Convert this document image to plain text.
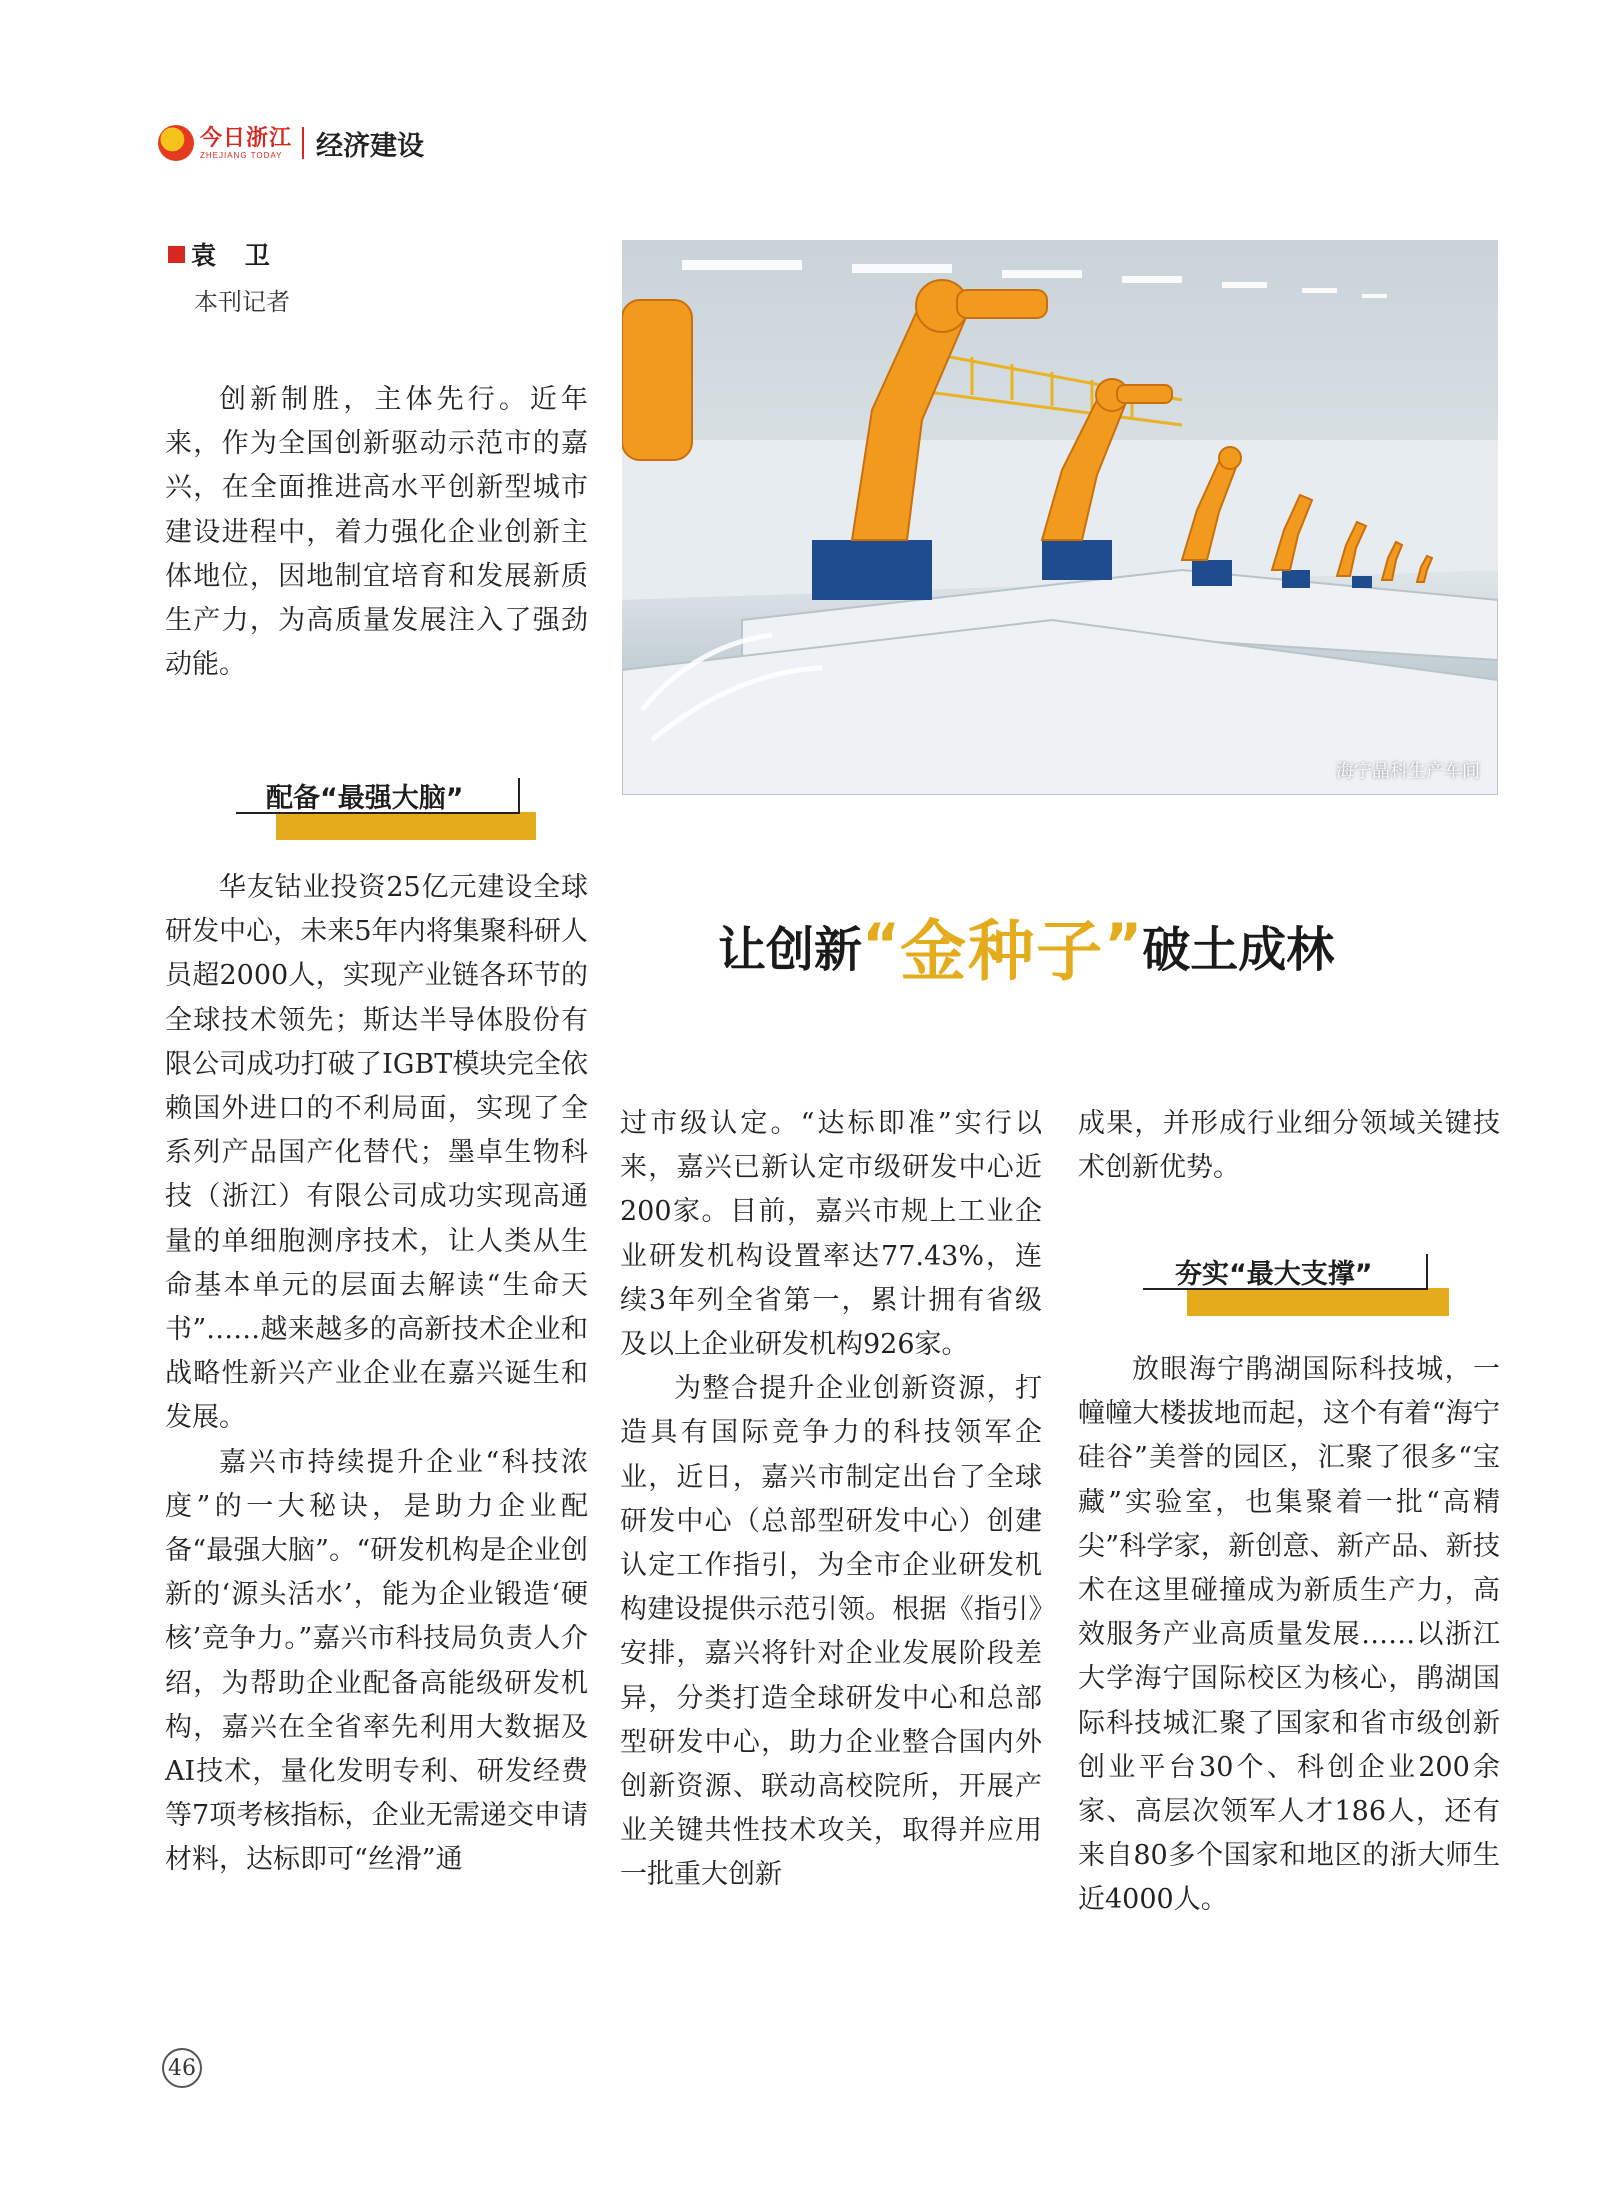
今日浙江
ZHEJIANG TODAY	经济建设
袁 卫
本刊记者

创新制胜，主体先行。近年来，作为全国创新驱动示范市的嘉兴，在全面推进高水平创新型城市建设进程中，着力强化企业创新主体地位，因地制宜培育和发展新质生产力，为高质量发展注入了强劲动能。

配备“最强大脑”

华友钴业投资25亿元建设全球研发中心，未来5年内将集聚科研人员超2000人，实现产业链各环节的全球技术领先；斯达半导体股份有限公司成功打破了IGBT模块完全依赖国外进口的不利局面，实现了全系列产品国产化替代；墨卓生物科技（浙江）有限公司成功实现高通量的单细胞测序技术，让人类从生命基本单元的层面去解读“生命天书”……越来越多的高新技术企业和战略性新兴产业企业在嘉兴诞生和发展。

嘉兴市持续提升企业“科技浓度”的一大秘诀，是助力企业配备“最强大脑”。“研发机构是企业创新的‘源头活水’，能为企业锻造‘硬核’竞争力。”嘉兴市科技局负责人介绍，为帮助企业配备高能级研发机构，嘉兴在全省率先利用大数据及AI技术，量化发明专利、研发经费等7项考核指标，企业无需递交申请材料，达标即可“丝滑”通

海宁晶科生产车间
让创新 “ 金种子 ” 破土成林

过市级认定。“达标即准”实行以来，嘉兴已新认定市级研发中心近200家。目前，嘉兴市规上工业企业研发机构设置率达77.43%，连续3年列全省第一，累计拥有省级及以上企业研发机构926家。

为整合提升企业创新资源，打造具有国际竞争力的科技领军企业，近日，嘉兴市制定出台了全球研发中心（总部型研发中心）创建认定工作指引，为全市企业研发机构建设提供示范引领。根据《指引》安排，嘉兴将针对企业发展阶段差异，分类打造全球研发中心和总部型研发中心，助力企业整合国内外创新资源、联动高校院所，开展产业关键共性技术攻关，取得并应用一批重大创新

成果，并形成行业细分领域关键技术创新优势。

夯实“最大支撑”

放眼海宁鹃湖国际科技城，一幢幢大楼拔地而起，这个有着“海宁硅谷”美誉的园区，汇聚了很多“宝藏”实验室，也集聚着一批“高精尖”科学家，新创意、新产品、新技术在这里碰撞成为新质生产力，高效服务产业高质量发展……以浙江大学海宁国际校区为核心，鹃湖国际科技城汇聚了国家和省市级创新创业平台30个、科创企业200余家、高层次领军人才186人，还有来自80多个国家和地区的浙大师生近4000人。

46
